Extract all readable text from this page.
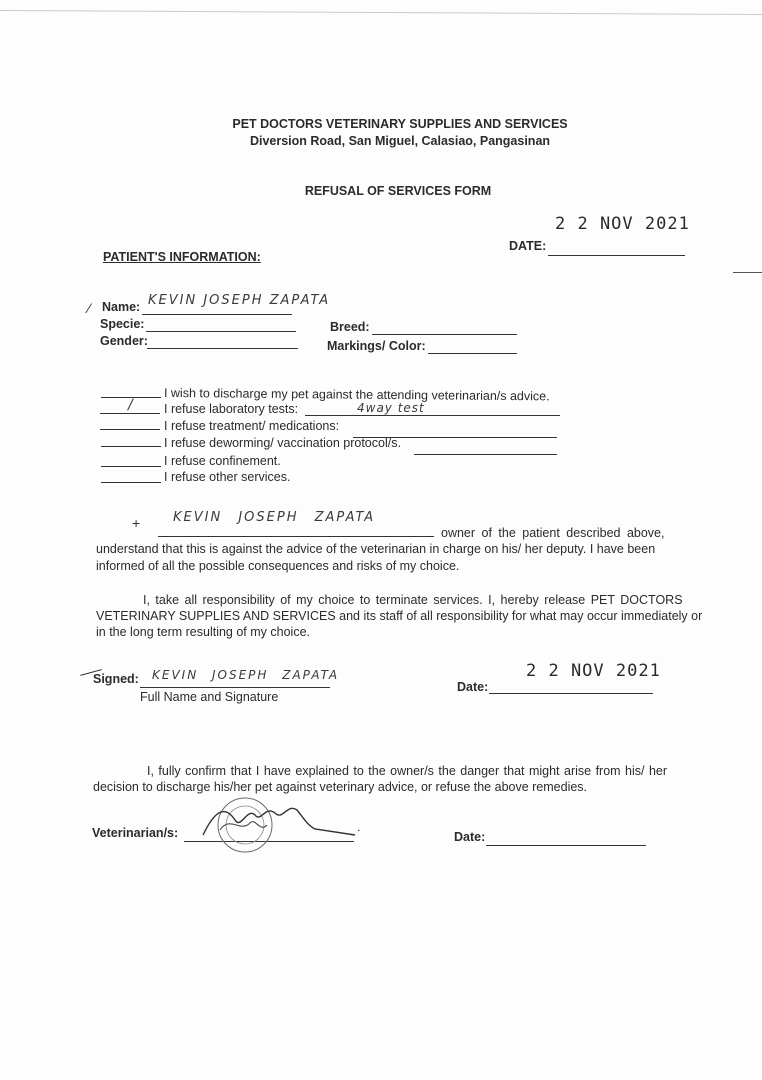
PET DOCTORS VETERINARY SUPPLIES AND SERVICES
Diversion Road, San Miguel, Calasiao, Pangasinan
REFUSAL OF SERVICES FORM
2 2 NOV 2021
DATE:
PATIENT'S INFORMATION:
⁄ Name: KEVIN JOSEPH ZAPATA
Specie:	Breed:
Gender:	Markings/ Color:
I wish to discharge my pet against the attending veterinarian/s advice.
/	I refuse laboratory tests:	4way test
I refuse treatment/ medications:
I refuse deworming/ vaccination protocol/s.
I refuse confinement.
I refuse other services.
+	KEVIN JOSEPH ZAPATA
owner of the patient described above,
understand that this is against the advice of the veterinarian in charge on his/ her deputy. I have been
informed of all the possible consequences and risks of my choice.
I, take all responsibility of my choice to terminate services. I, hereby release PET DOCTORS
VETERINARY SUPPLIES AND SERVICES and its staff of all responsibility for what may occur immediately or
in the long term resulting of my choice.
Signed: KEVIN JOSEPH ZAPATA
Full Name and Signature
2 2 NOV 2021
Date:
I, fully confirm that I have explained to the owner/s the danger that might arise from his/ her
decision to discharge his/her pet against veterinary advice, or refuse the above remedies.
Veterinarian/s:	.
Date:
